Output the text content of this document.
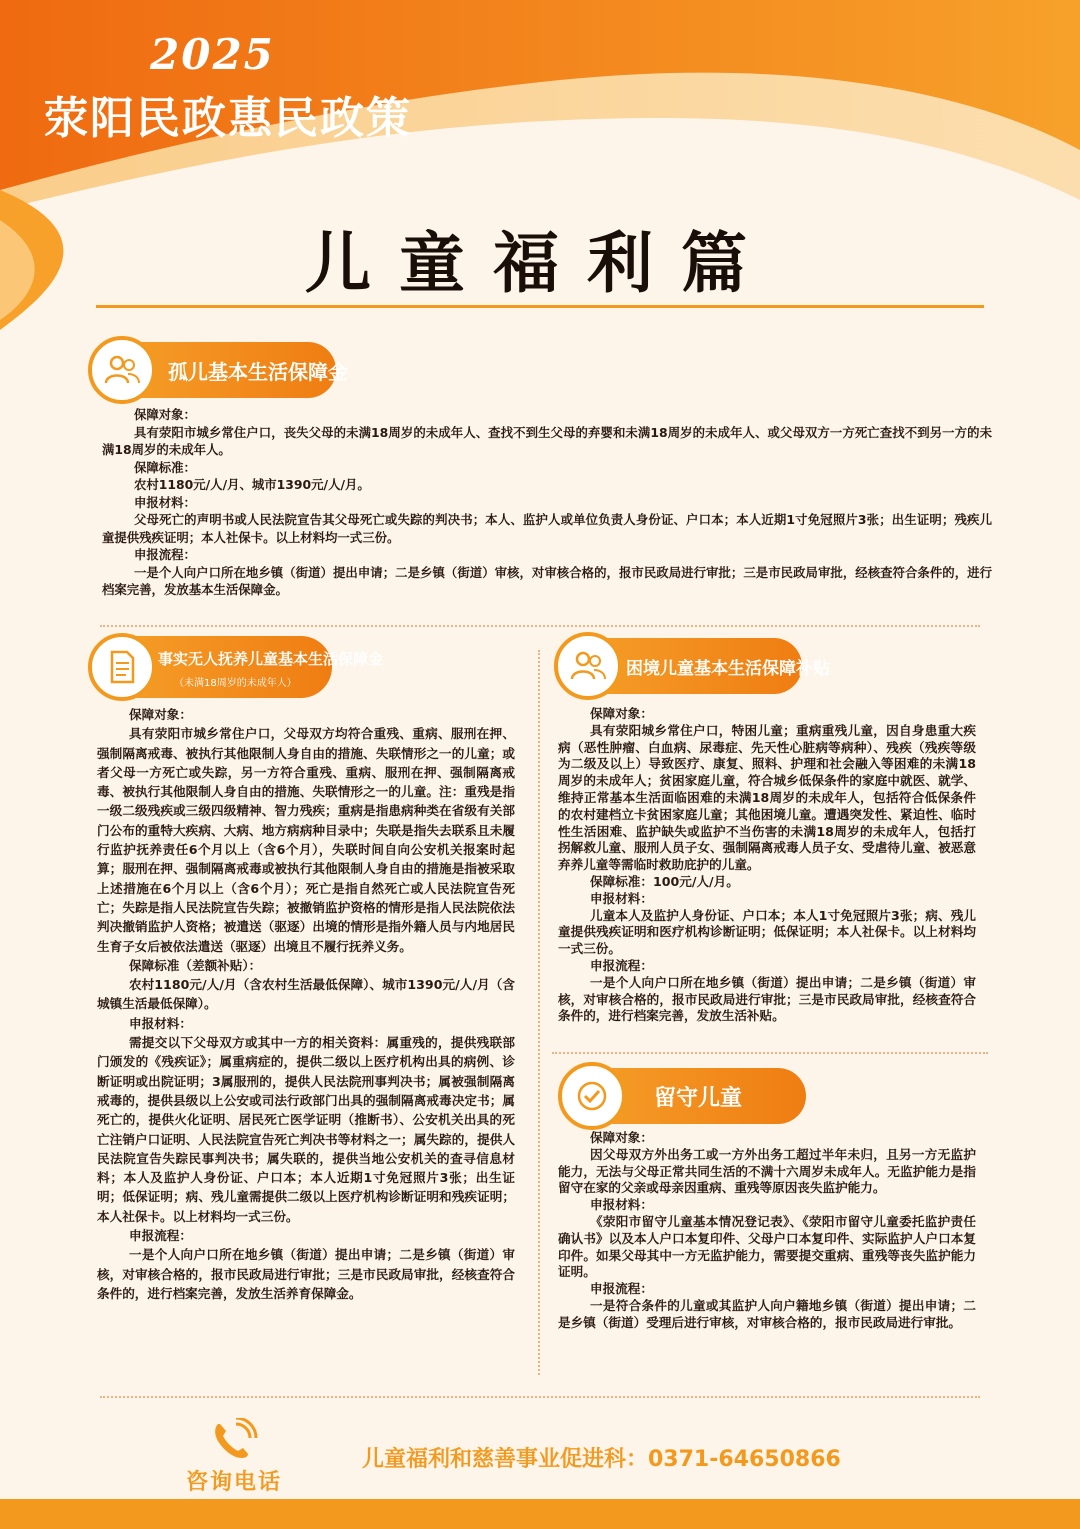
2025
荥阳民政惠民政策
儿童福利篇
孤儿基本生活保障金
保障对象：
具有荥阳市城乡常住户口，丧失父母的未满18周岁的未成年人、查找不到生父母的弃婴和未满18周岁的未成年人、或父母双方一方死亡查找不到另一方的未满18周岁的未成年人。
保障标准：
农村1180元/人/月、城市1390元/人/月。
申报材料：
父母死亡的声明书或人民法院宣告其父母死亡或失踪的判决书；本人、监护人或单位负责人身份证、户口本；本人近期1寸免冠照片3张；出生证明；残疾儿童提供残疾证明；本人社保卡。以上材料均一式三份。
申报流程：
一是个人向户口所在地乡镇（街道）提出申请；二是乡镇（街道）审核，对审核合格的，报市民政局进行审批；三是市民政局审批，经核查符合条件的，进行档案完善，发放基本生活保障金。
事实无人抚养儿童基本生活保障金
（未满18周岁的未成年人）
保障对象：
具有荥阳市城乡常住户口，父母双方均符合重残、重病、服刑在押、强制隔离戒毒、被执行其他限制人身自由的措施、失联情形之一的儿童；或者父母一方死亡或失踪，另一方符合重残、重病、服刑在押、强制隔离戒毒、被执行其他限制人身自由的措施、失联情形之一的儿童。注：重残是指一级二级残疾或三级四级精神、智力残疾；重病是指患病种类在省级有关部门公布的重特大疾病、大病、地方病病种目录中；失联是指失去联系且未履行监护抚养责任6个月以上（含6个月），失联时间自向公安机关报案时起算；服刑在押、强制隔离戒毒或被执行其他限制人身自由的措施是指被采取上述措施在6个月以上（含6个月）；死亡是指自然死亡或人民法院宣告死亡；失踪是指人民法院宣告失踪；被撤销监护资格的情形是指人民法院依法判决撤销监护人资格；被遣送（驱逐）出境的情形是指外籍人员与内地居民生育子女后被依法遣送（驱逐）出境且不履行抚养义务。
保障标准（差额补贴）：
农村1180元/人/月（含农村生活最低保障）、城市1390元/人/月（含城镇生活最低保障）。
申报材料：
需提交以下父母双方或其中一方的相关资料：属重残的，提供残联部门颁发的《残疾证》；属重病症的，提供二级以上医疗机构出具的病例、诊断证明或出院证明；3属服刑的，提供人民法院刑事判决书；属被强制隔离戒毒的，提供县级以上公安或司法行政部门出具的强制隔离戒毒决定书；属死亡的，提供火化证明、居民死亡医学证明（推断书）、公安机关出具的死亡注销户口证明、人民法院宣告死亡判决书等材料之一；属失踪的，提供人民法院宣告失踪民事判决书；属失联的，提供当地公安机关的查寻信息材料；本人及监护人身份证、户口本；本人近期1寸免冠照片3张；出生证明；低保证明；病、残儿童需提供二级以上医疗机构诊断证明和残疾证明；本人社保卡。以上材料均一式三份。
申报流程：
一是个人向户口所在地乡镇（街道）提出申请；二是乡镇（街道）审核，对审核合格的，报市民政局进行审批；三是市民政局审批，经核查符合条件的，进行档案完善，发放生活养育保障金。
困境儿童基本生活保障补贴
保障对象：
具有荥阳城乡常住户口，特困儿童；重病重残儿童，因自身患重大疾病（恶性肿瘤、白血病、尿毒症、先天性心脏病等病种）、残疾（残疾等级为二级及以上）导致医疗、康复、照料、护理和社会融入等困难的未满18周岁的未成年人；贫困家庭儿童，符合城乡低保条件的家庭中就医、就学、维持正常基本生活面临困难的未满18周岁的未成年人，包括符合低保条件的农村建档立卡贫困家庭儿童；其他困境儿童。遭遇突发性、紧迫性、临时性生活困难、监护缺失或监护不当伤害的未满18周岁的未成年人，包括打拐解救儿童、服刑人员子女、强制隔离戒毒人员子女、受虐待儿童、被恶意弃养儿童等需临时救助庇护的儿童。
保障标准：100元/人/月。
申报材料：
儿童本人及监护人身份证、户口本；本人1寸免冠照片3张；病、残儿童提供残疾证明和医疗机构诊断证明；低保证明；本人社保卡。以上材料均一式三份。
申报流程：
一是个人向户口所在地乡镇（街道）提出申请；二是乡镇（街道）审核，对审核合格的，报市民政局进行审批；三是市民政局审批，经核查符合条件的，进行档案完善，发放生活补贴。
留守儿童
保障对象：
因父母双方外出务工或一方外出务工超过半年未归，且另一方无监护能力，无法与父母正常共同生活的不满十六周岁未成年人。无监护能力是指留守在家的父亲或母亲因重病、重残等原因丧失监护能力。
申报材料：
《荥阳市留守儿童基本情况登记表》、《荥阳市留守儿童委托监护责任确认书》以及本人户口本复印件、父母户口本复印件、实际监护人户口本复印件。如果父母其中一方无监护能力，需要提交重病、重残等丧失监护能力证明。
申报流程：
一是符合条件的儿童或其监护人向户籍地乡镇（街道）提出申请；二是乡镇（街道）受理后进行审核，对审核合格的，报市民政局进行审批。
咨询电话
儿童福利和慈善事业促进科：0371-64650866
